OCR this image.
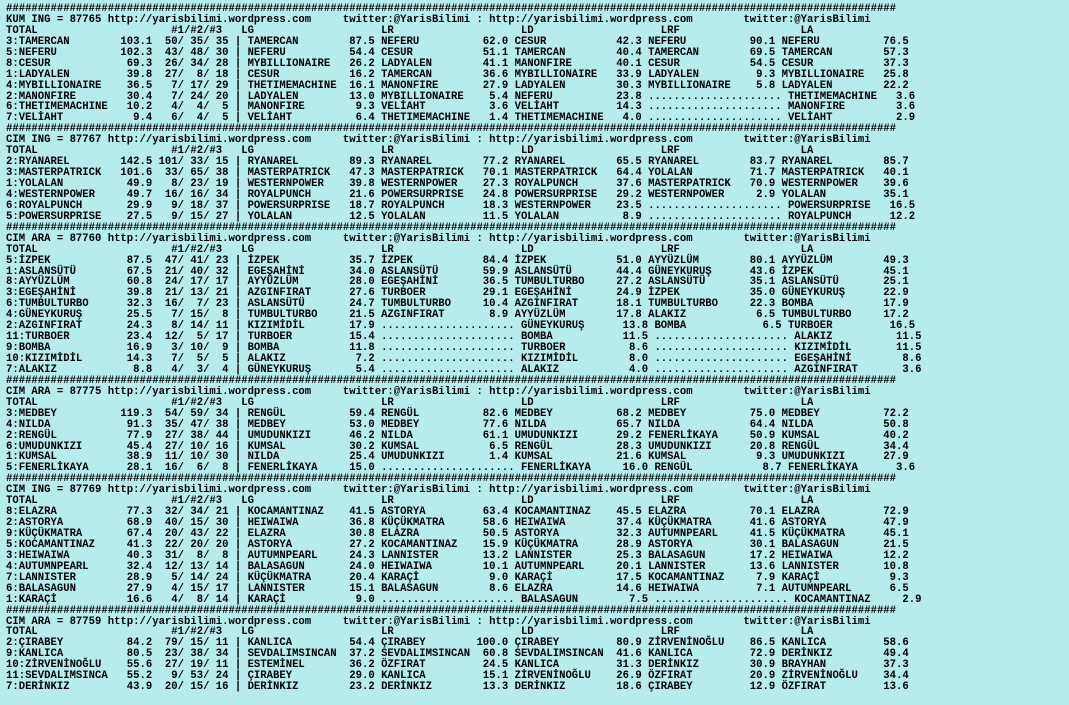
############################################################################################################################################
KUM ING = 87765 http://yarisbilimi.wordpress.com     twitter:@YarisBilimi : http://yarisbilimi.wordpress.com        twitter:@YarisBilimi
TOTAL                     #1/#2/#3   LG                    LR                    LD                    LRF                   LA
3:TAMERCAN        103.1  50/ 35/ 35 | TAMERCAN        87.5 NEFERU          62.0 CESUR           42.3 NEFERU          90.1 NEFERU          76.5
5:NEFERU          102.3  43/ 48/ 30 | NEFERU          54.4 CESUR           51.1 TAMERCAN        40.4 TAMERCAN        69.5 TAMERCAN        57.3
8:CESUR            69.3  26/ 34/ 28 | MYBILLIONAIRE   26.2 LADYALEN        41.1 MANONFIRE       40.1 CESUR           54.5 CESUR           37.3
1:LADYALEN         39.8  27/  8/ 18 | CESUR           16.2 TAMERCAN        36.6 MYBILLIONAIRE   33.9 LADYALEN         9.3 MYBILLIONAIRE   25.8
4:MYBILLIONAIRE    36.5   7/ 17/ 29 | THETIMEMACHINE  16.1 MANONFIRE       27.9 LADYALEN        30.3 MYBILLIONAIRE    5.8 LADYALEN        22.2
2:MANONFIRE        30.4   7/ 24/ 20 | LADYALEN        13.0 MYBILLIONAIRE    5.4 NEFERU          23.8 ..................... THETIMEMACHINE   3.6
6:THETIMEMACHINE   10.2   4/  4/  5 | MANONFIRE        9.3 VELİAHT          3.6 VELİAHT         14.3 ..................... MANONFIRE        3.6
7:VELİAHT           9.4   6/  4/  5 | VELİAHT          6.4 THETIMEMACHINE   1.4 THETIMEMACHINE   4.0 ..................... VELİAHT          2.9
############################################################################################################################################
CIM ING = 87767 http://yarisbilimi.wordpress.com     twitter:@YarisBilimi : http://yarisbilimi.wordpress.com        twitter:@YarisBilimi
TOTAL                     #1/#2/#3   LG                    LR                    LD                    LRF                   LA
2:RYANAREL        142.5 101/ 33/ 15 | RYANAREL        89.3 RYANAREL        77.2 RYANAREL        65.5 RYANAREL        83.7 RYANAREL        85.7
3:MASTERPATRICK   101.6  33/ 65/ 38 | MASTERPATRICK   47.3 MASTERPATRICK   70.1 MASTERPATRICK   64.4 YOLALAN         71.7 MASTERPATRICK   40.1
1:YOLALAN          49.9   8/ 23/ 19 | WESTERNPOWER    39.8 WESTERNPOWER    27.3 ROYALPUNCH      37.6 MASTERPATRICK   70.9 WESTERNPOWER    39.6
4:WESTERNPOWER     49.7  16/ 16/ 34 | ROYALPUNCH      21.6 POWERSURPRISE   24.8 POWERSURPRISE   29.2 WESTERNPOWER     2.9 YOLALAN         35.1
6:ROYALPUNCH       29.9   9/ 18/ 37 | POWERSURPRISE   18.7 ROYALPUNCH      18.3 WESTERNPOWER    23.5 ..................... POWERSURPRISE   16.5
5:POWERSURPRISE    27.5   9/ 15/ 27 | YOLALAN         12.5 YOLALAN         11.5 YOLALAN          8.9 ..................... ROYALPUNCH      12.2
############################################################################################################################################
CIM ARA = 87760 http://yarisbilimi.wordpress.com     twitter:@YarisBilimi : http://yarisbilimi.wordpress.com        twitter:@YarisBilimi
TOTAL                     #1/#2/#3   LG                    LR                    LD                    LRF                   LA
5:İZPEK            87.5  47/ 41/ 23 | İZPEK           35.7 İZPEK           84.4 İZPEK           51.0 AYYÜZLÜM        80.1 AYYÜZLÜM        49.3
1:ASLANSÜTÜ        67.5  21/ 40/ 32 | EGEŞAHİNİ       34.0 ASLANSÜTÜ       59.9 ASLANSÜTÜ       44.4 GÜNEYKURUŞ      43.6 İZPEK           45.1
8:AYYÜZLÜM         60.8  24/ 17/ 17 | AYYÜZLÜM        28.0 EGEŞAHİNİ       36.5 TUMBULTURBO     27.2 ASLANSÜTÜ       35.1 ASLANSÜTÜ       25.1
3:EGEŞAHİNİ        39.8  21/ 13/ 21 | AZGINFIRAT      27.6 TURBOER         29.1 EGEŞAHİNİ       24.9 İZPEK           35.0 GÜNEYKURUŞ      22.9
6:TUMBULTURBO      32.3  16/  7/ 23 | ASLANSÜTÜ       24.7 TUMBULTURBO     10.4 AZGINFIRAT      18.1 TUMBULTURBO     22.3 BOMBA           17.9
4:GÜNEYKURUŞ       25.5   7/ 15/  8 | TUMBULTURBO     21.5 AZGINFIRAT       8.9 AYYÜZLÜM        17.8 ALAKIZ           6.5 TUMBULTURBO     17.2
2:AZGINFIRAT       24.3   8/ 14/ 11 | KIZIMİDİL       17.9 ..................... GÜNEYKURUŞ      13.8 BOMBA            6.5 TURBOER         16.5
11:TURBOER         23.4  12/  5/ 17 | TURBOER         15.4 ..................... BOMBA           11.5 ..................... ALAKIZ          11.5
9:BOMBA            16.9   3/ 10/  9 | BOMBA           11.8 ..................... TURBOER          8.6 ..................... KIZIMİDİL       11.5
10:KIZIMİDİL       14.3   7/  5/  5 | ALAKIZ           7.2 ..................... KIZIMİDİL        8.0 ..................... EGEŞAHİNİ        8.6
7:ALAKIZ            8.8   4/  3/  4 | GÜNEYKURUŞ       5.4 ..................... ALAKIZ           4.0 ..................... AZGINFIRAT       3.6
############################################################################################################################################
CIM ARA = 87775 http://yarisbilimi.wordpress.com     twitter:@YarisBilimi : http://yarisbilimi.wordpress.com        twitter:@YarisBilimi
TOTAL                     #1/#2/#3   LG                    LR                    LD                    LRF                   LA
3:MEDBEY          119.3  54/ 59/ 34 | RENGÜL          59.4 RENGÜL          82.6 MEDBEY          68.2 MEDBEY          75.0 MEDBEY          72.2
4:NILDA            91.3  35/ 47/ 38 | MEDBEY          53.0 MEDBEY          77.6 NILDA           65.7 NILDA           64.4 NILDA           50.8
2:RENGÜL           77.9  27/ 38/ 44 | UMUDUNKIZI      46.2 NILDA           61.1 UMUDUNKIZI      29.2 FENERLİKAYA     50.9 KUMSAL          40.2
6:UMUDUNKIZI       45.4  27/ 10/ 16 | KUMSAL          30.2 KUMSAL           6.5 RENGÜL          28.3 UMUDUNKIZI      20.8 RENGÜL          34.4
1:KUMSAL           38.9  11/ 10/ 30 | NILDA           25.4 UMUDUNKIZI       1.4 KUMSAL          21.6 KUMSAL           9.3 UMUDUNKIZI      27.9
5:FENERLİKAYA      28.1  16/  6/  8 | FENERLİKAYA     15.0 ..................... FENERLİKAYA     16.0 RENGÜL           8.7 FENERLİKAYA      3.6
############################################################################################################################################
CIM ING = 87769 http://yarisbilimi.wordpress.com     twitter:@YarisBilimi : http://yarisbilimi.wordpress.com        twitter:@YarisBilimi
TOTAL                     #1/#2/#3   LG                    LR                    LD                    LRF                   LA
8:ELAZRA           77.3  32/ 34/ 21 | KOCAMANTINAZ    41.5 ASTORYA         63.4 KOCAMANTINAZ    45.5 ELAZRA          70.1 ELAZRA          72.9
2:ASTORYA          68.9  40/ 15/ 30 | HEIWAIWA        36.8 KÜÇÜKMATRA      58.6 HEIWAIWA        37.4 KÜÇÜKMATRA      41.6 ASTORYA         47.9
9:KÜÇÜKMATRA       67.4  20/ 43/ 22 | ELAZRA          30.8 ELAZRA          50.5 ASTORYA         32.3 AUTUMNPEARL     41.5 KÜÇÜKMATRA      45.1
5:KOCAMANTINAZ     41.3  22/ 20/ 20 | ASTORYA         27.2 KOCAMANTINAZ    15.9 KÜÇÜKMATRA      28.9 ASTORYA         30.1 BALASAGUN       21.5
3:HEIWAIWA         40.3  31/  8/  8 | AUTUMNPEARL     24.3 LANNISTER       13.2 LANNISTER       25.3 BALASAGUN       17.2 HEIWAIWA        12.2
4:AUTUMNPEARL      32.4  12/ 13/ 14 | BALASAGUN       24.0 HEIWAIWA        10.1 AUTUMNPEARL     20.1 LANNISTER       13.6 LANNISTER       10.8
7:LANNISTER        28.9   5/ 14/ 24 | KÜÇÜKMATRA      20.4 KARAÇİ           9.0 KARAÇİ          17.5 KOCAMANTINAZ     7.9 KARAÇİ           9.3
6:BALASAGUN        27.9   4/ 15/ 17 | LANNISTER       15.1 BALASAGUN        8.6 ELAZRA          14.6 HEIWAIWA         7.1 AUTUMNPEARL      6.5
1:KARAÇİ           16.6   4/  8/ 14 | KARAÇİ           9.0 ..................... BALASAGUN        7.5 ..................... KOCAMANTINAZ     2.9
############################################################################################################################################
CIM ARA = 87759 http://yarisbilimi.wordpress.com     twitter:@YarisBilimi : http://yarisbilimi.wordpress.com        twitter:@YarisBilimi
TOTAL                     #1/#2/#3   LG                    LR                    LD                    LRF                   LA
2:ÇIRABEY          84.2  79/ 15/ 11 | KANLICA         54.4 ÇIRABEY        100.0 ÇIRABEY         80.9 ZİRVENİNOĞLU    86.5 KANLICA         58.6
9:KANLICA          80.5  23/ 38/ 34 | SEVDALIMSINCAN  37.2 SEVDALIMSINCAN  60.8 SEVDALIMSINCAN  41.6 KANLICA         72.9 DERİNKIZ        49.4
10:ZİRVENİNOĞLU    55.6  27/ 19/ 11 | ESTEMİNEL       36.2 ÖZFIRAT         24.5 KANLICA         31.3 DERİNKIZ        30.9 BRAYHAN         37.3
11:SEVDALIMSINCA   55.2   9/ 53/ 24 | ÇIRABEY         29.0 KANLICA         15.1 ZİRVENİNOĞLU    26.9 ÖZFIRAT         20.9 ZİRVENİNOĞLU    34.4
7:DERİNKIZ         43.9  20/ 15/ 16 | DERİNKIZ        23.2 DERİNKIZ        13.3 DERİNKIZ        18.6 ÇIRABEY         12.9 ÖZFIRAT         13.6
